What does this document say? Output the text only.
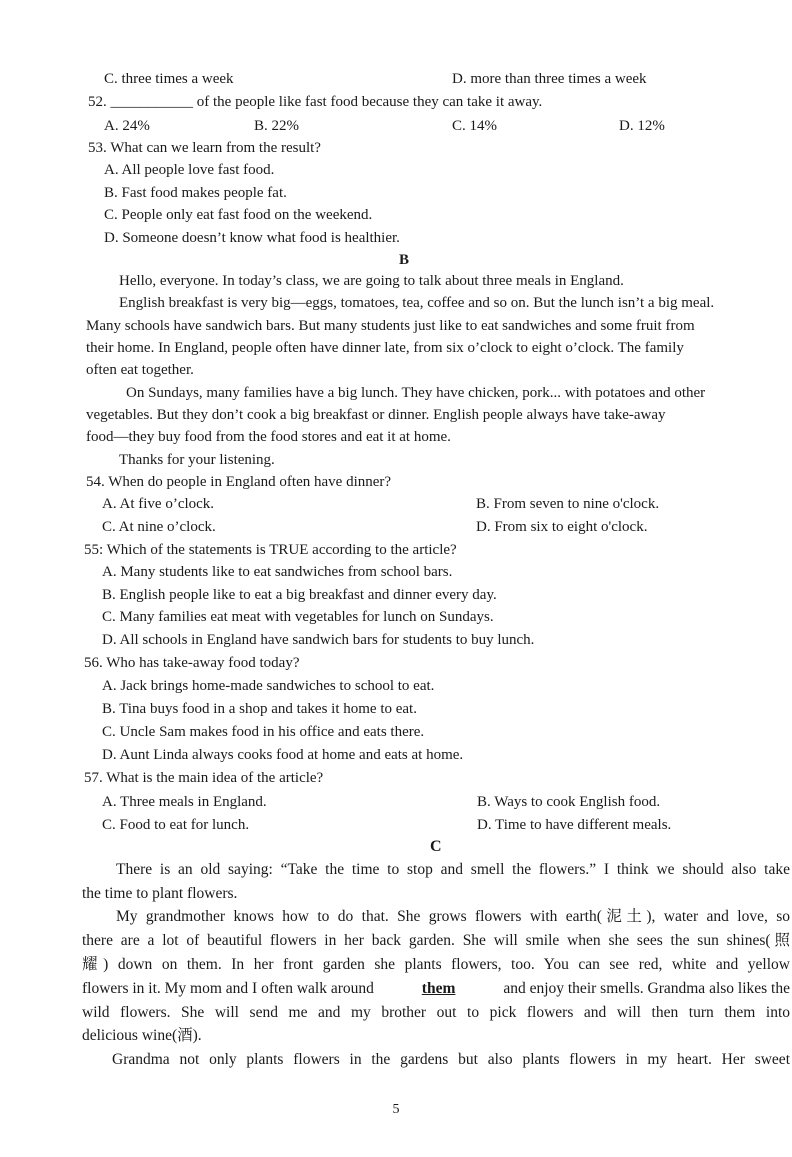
C. three times a week	D. more than three times a week
52. ___________ of the people like fast food because they can take it away.
A. 24%	B. 22%	C. 14%	D. 12%
53. What can we learn from the result?
A. All people love fast food.
B. Fast food makes people fat.
C. People only eat fast food on the weekend.
D. Someone doesn’t know what food is healthier.
B
Hello, everyone. In today’s class, we are going to talk about three meals in England.
English breakfast is very big—eggs, tomatoes, tea, coffee and so on. But the lunch isn’t a big meal.
Many schools have sandwich bars. But many students just like to eat sandwiches and some fruit from
their home. In England, people often have dinner late, from six o’clock to eight o’clock. The family
often eat together.
On Sundays, many families have a big lunch. They have chicken, pork... with potatoes and other
vegetables. But they don’t cook a big breakfast or dinner. English people always have take-away
food—they buy food from the food stores and eat it at home.
Thanks for your listening.
54. When do people in England often have dinner?
A. At five o’clock.	B. From seven to nine o'clock.
C. At nine o’clock.	D. From six to eight o'clock.
55: Which of the statements is TRUE according to the article?
A. Many students like to eat sandwiches from school bars.
B. English people like to eat a big breakfast and dinner every day.
C. Many families eat meat with vegetables for lunch on Sundays.
D. All schools in England have sandwich bars for students to buy lunch.
56. Who has take-away food today?
A. Jack brings home-made sandwiches to school to eat.
B. Tina buys food in a shop and takes it home to eat.
C. Uncle Sam makes food in his office and eats there.
D. Aunt Linda always cooks food at home and eats at home.
57. What is the main idea of the article?
A. Three meals in England.	B. Ways to cook English food.
C. Food to eat for lunch.	D. Time to have different meals.
C
There is an old saying: “Take the time to stop and smell the flowers.” I think we should also take
the time to plant flowers.
My grandmother knows how to do that. She grows flowers with earth(泥土), water and love, so
there are a lot of beautiful flowers in her back garden. She will smile when she sees the sun shines(照
耀) down on them. In her front garden she plants flowers, too. You can see red, white and yellow
flowers in it. My mom and I often walk around	them	and enjoy their smells. Grandma also likes the
wild flowers. She will send me and my brother out to pick flowers and will then turn them into
delicious wine(酒).
Grandma not only plants flowers in the gardens but also plants flowers in my heart. Her sweet
5
